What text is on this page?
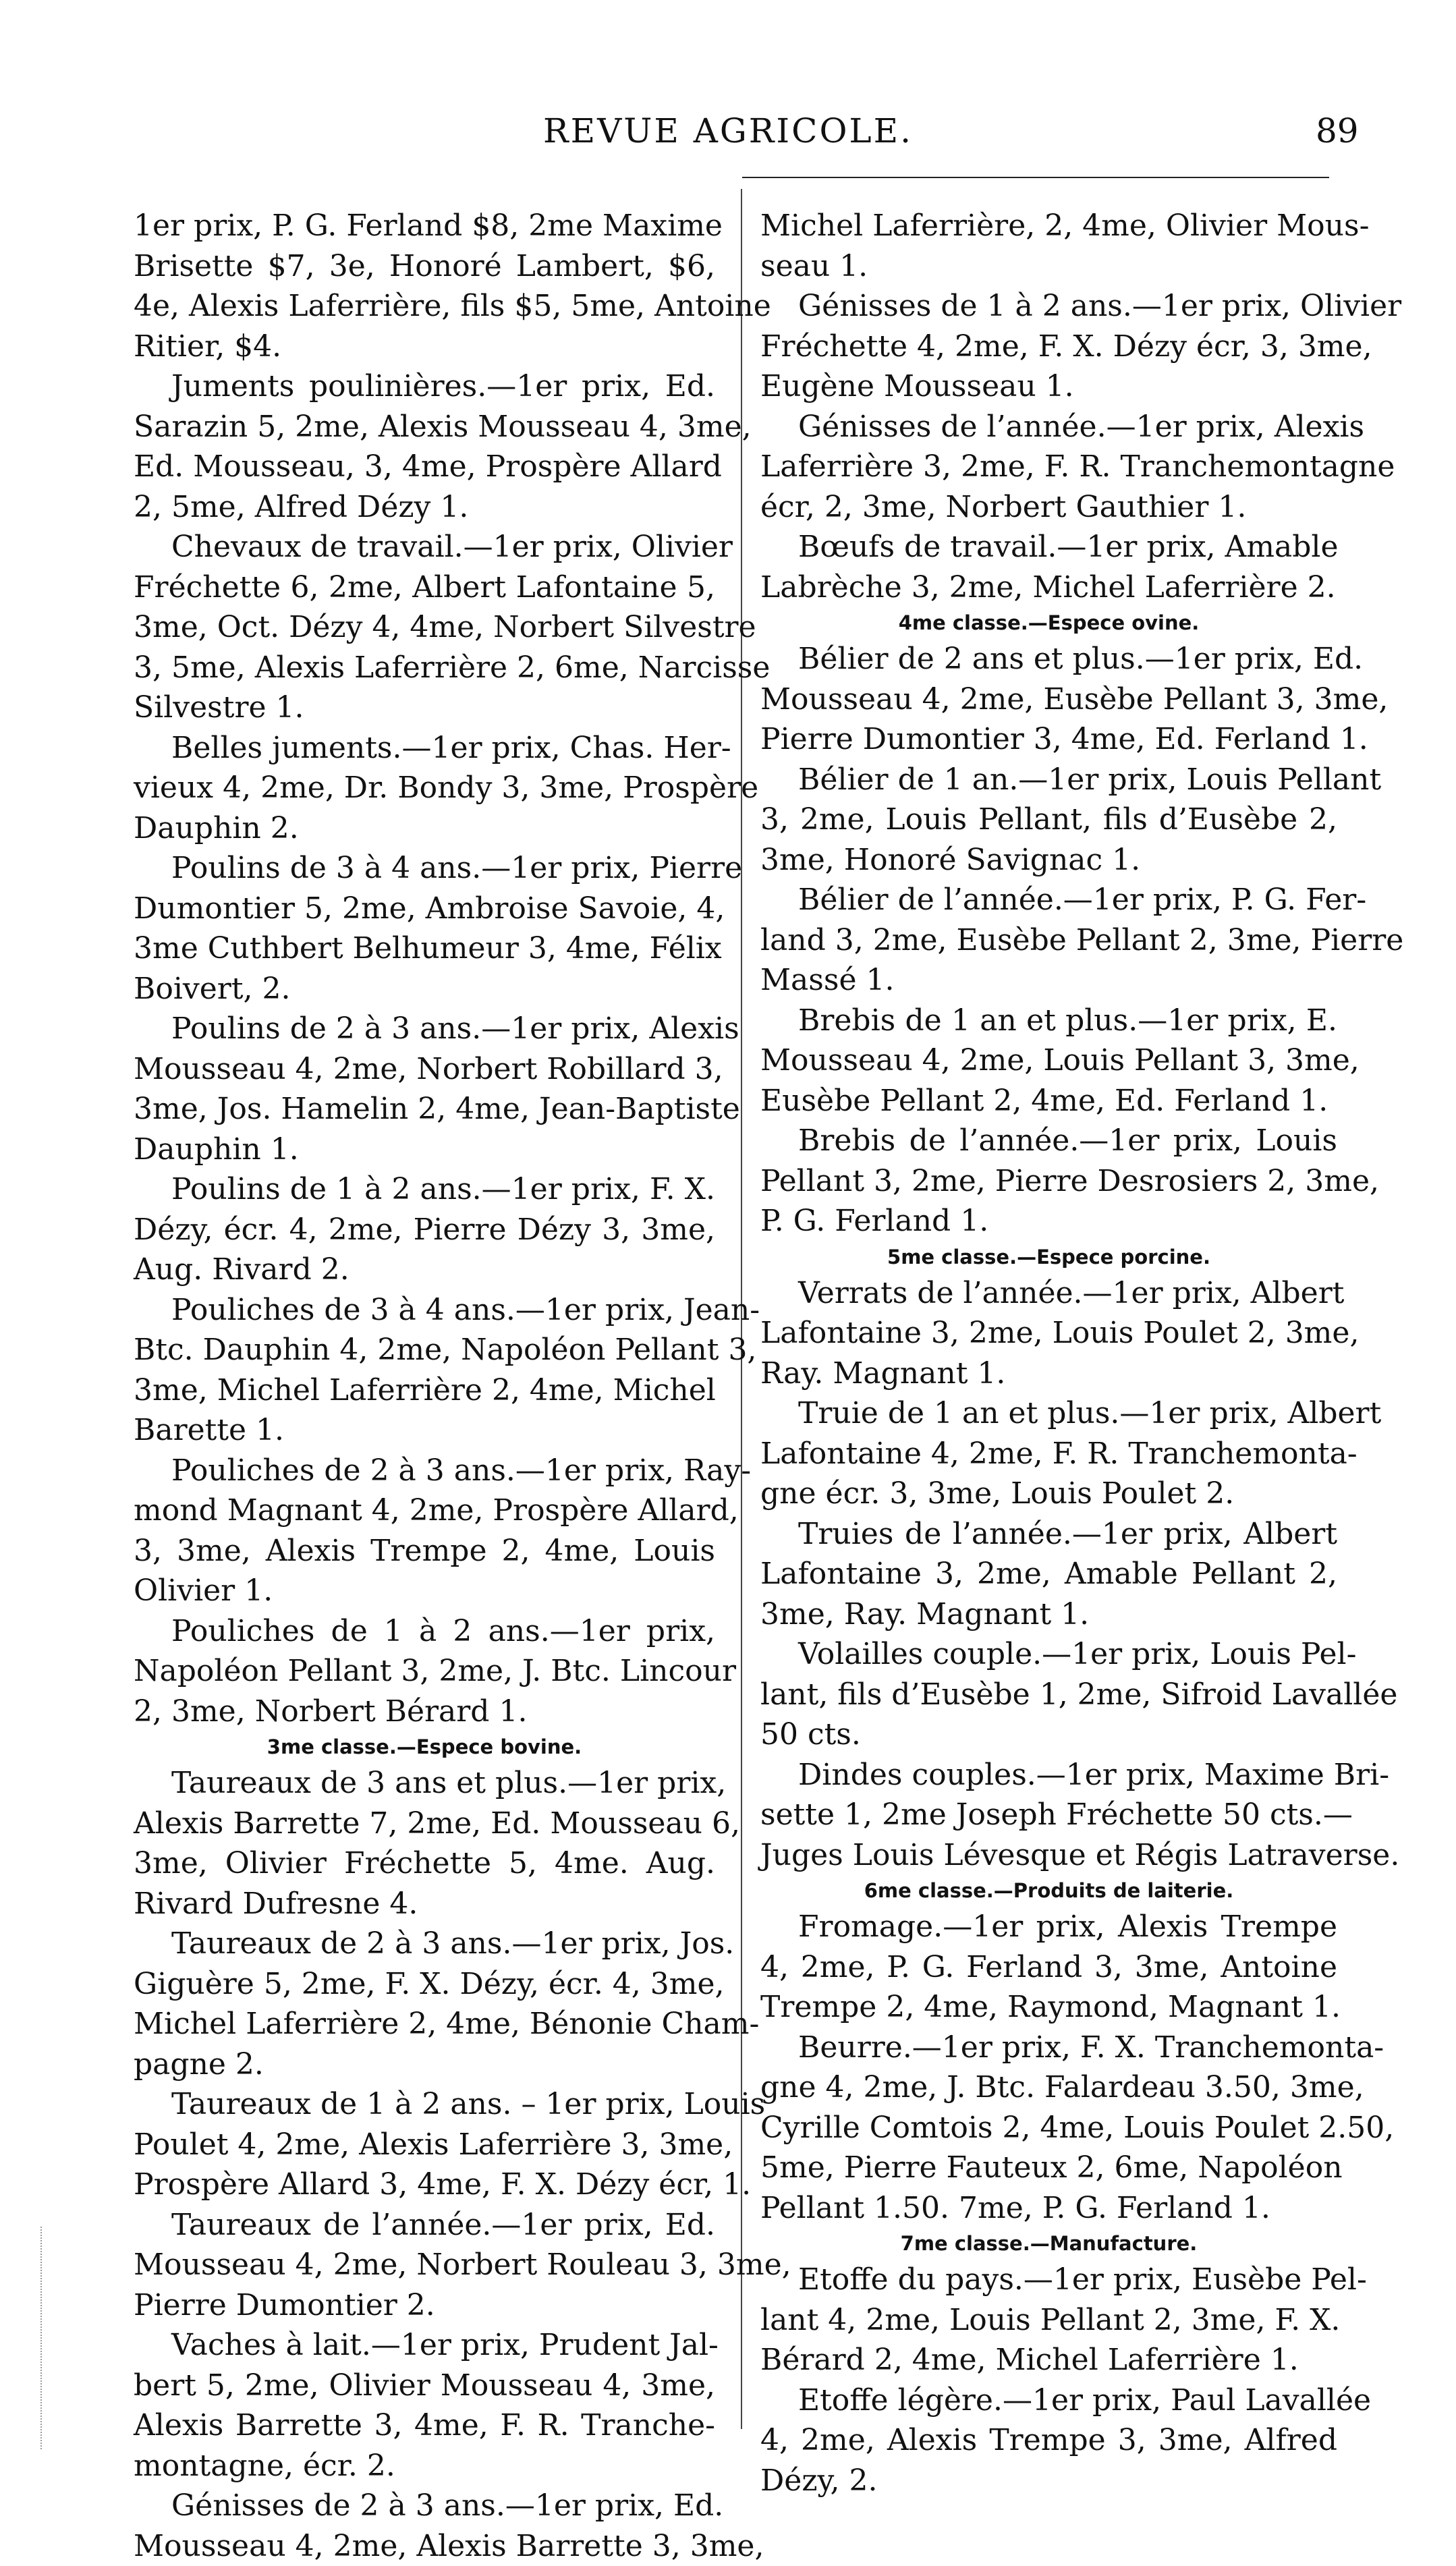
REVUE AGRICOLE.	89
1er prix, P. G. Ferland $8, 2me Maxime
Brisette $7, 3e, Honoré Lambert, $6,
4e, Alexis Laferrière, fils $5, 5me, Antoine
Ritier, $4.
Juments poulinières.—1er prix, Ed.
Sarazin 5, 2me, Alexis Mousseau 4, 3me,
Ed. Mousseau, 3, 4me, Prospère Allard
2, 5me, Alfred Dézy 1.
Chevaux de travail.—1er prix, Olivier
Fréchette 6, 2me, Albert Lafontaine 5,
3me, Oct. Dézy 4, 4me, Norbert Silvestre
3, 5me, Alexis Laferrière 2, 6me, Narcisse
Silvestre 1.
Belles juments.—1er prix, Chas. Her-
vieux 4, 2me, Dr. Bondy 3, 3me, Prospère
Dauphin 2.
Poulins de 3 à 4 ans.—1er prix, Pierre
Dumontier 5, 2me, Ambroise Savoie, 4,
3me Cuthbert Belhumeur 3, 4me, Félix
Boivert, 2.
Poulins de 2 à 3 ans.—1er prix, Alexis
Mousseau 4, 2me, Norbert Robillard 3,
3me, Jos. Hamelin 2, 4me, Jean-Baptiste
Dauphin 1.
Poulins de 1 à 2 ans.—1er prix, F. X.
Dézy, écr. 4, 2me, Pierre Dézy 3, 3me,
Aug. Rivard 2.
Pouliches de 3 à 4 ans.—1er prix, Jean-
Btc. Dauphin 4, 2me, Napoléon Pellant 3,
3me, Michel Laferrière 2, 4me, Michel
Barette 1.
Pouliches de 2 à 3 ans.—1er prix, Ray-
mond Magnant 4, 2me, Prospère Allard,
3, 3me, Alexis Trempe 2, 4me, Louis
Olivier 1.
Pouliches de 1 à 2 ans.—1er prix,
Napoléon Pellant 3, 2me, J. Btc. Lincour
2, 3me, Norbert Bérard 1.
3me classe.—Espece bovine.
Taureaux de 3 ans et plus.—1er prix,
Alexis Barrette 7, 2me, Ed. Mousseau 6,
3me, Olivier Fréchette 5, 4me. Aug.
Rivard Dufresne 4.
Taureaux de 2 à 3 ans.—1er prix, Jos.
Giguère 5, 2me, F. X. Dézy, écr. 4, 3me,
Michel Laferrière 2, 4me, Bénonie Cham-
pagne 2.
Taureaux de 1 à 2 ans. – 1er prix, Louis
Poulet 4, 2me, Alexis Laferrière 3, 3me,
Prospère Allard 3, 4me, F. X. Dézy écr, 1.
Taureaux de l’année.—1er prix, Ed.
Mousseau 4, 2me, Norbert Rouleau 3, 3me,
Pierre Dumontier 2.
Vaches à lait.—1er prix, Prudent Jal-
bert 5, 2me, Olivier Mousseau 4, 3me,
Alexis Barrette 3, 4me, F. R. Tranche-
montagne, écr. 2.
Génisses de 2 à 3 ans.—1er prix, Ed.
Mousseau 4, 2me, Alexis Barrette 3, 3me,
Michel Laferrière, 2, 4me, Olivier Mous-
seau 1.
Génisses de 1 à 2 ans.—1er prix, Olivier
Fréchette 4, 2me, F. X. Dézy écr, 3, 3me,
Eugène Mousseau 1.
Génisses de l’année.—1er prix, Alexis
Laferrière 3, 2me, F. R. Tranchemontagne
écr, 2, 3me, Norbert Gauthier 1.
Bœufs de travail.—1er prix, Amable
Labrèche 3, 2me, Michel Laferrière 2.
4me classe.—Espece ovine.
Bélier de 2 ans et plus.—1er prix, Ed.
Mousseau 4, 2me, Eusèbe Pellant 3, 3me,
Pierre Dumontier 3, 4me, Ed. Ferland 1.
Bélier de 1 an.—1er prix, Louis Pellant
3, 2me, Louis Pellant, fils d’Eusèbe 2,
3me, Honoré Savignac 1.
Bélier de l’année.—1er prix, P. G. Fer-
land 3, 2me, Eusèbe Pellant 2, 3me, Pierre
Massé 1.
Brebis de 1 an et plus.—1er prix, E.
Mousseau 4, 2me, Louis Pellant 3, 3me,
Eusèbe Pellant 2, 4me, Ed. Ferland 1.
Brebis de l’année.—1er prix, Louis
Pellant 3, 2me, Pierre Desrosiers 2, 3me,
P. G. Ferland 1.
5me classe.—Espece porcine.
Verrats de l’année.—1er prix, Albert
Lafontaine 3, 2me, Louis Poulet 2, 3me,
Ray. Magnant 1.
Truie de 1 an et plus.—1er prix, Albert
Lafontaine 4, 2me, F. R. Tranchemonta-
gne écr. 3, 3me, Louis Poulet 2.
Truies de l’année.—1er prix, Albert
Lafontaine 3, 2me, Amable Pellant 2,
3me, Ray. Magnant 1.
Volailles couple.—1er prix, Louis Pel-
lant, fils d’Eusèbe 1, 2me, Sifroid Lavallée
50 cts.
Dindes couples.—1er prix, Maxime Bri-
sette 1, 2me Joseph Fréchette 50 cts.—
Juges Louis Lévesque et Régis Latraverse.
6me classe.—Produits de laiterie.
Fromage.—1er prix, Alexis Trempe
4, 2me, P. G. Ferland 3, 3me, Antoine
Trempe 2, 4me, Raymond, Magnant 1.
Beurre.—1er prix, F. X. Tranchemonta-
gne 4, 2me, J. Btc. Falardeau 3.50, 3me,
Cyrille Comtois 2, 4me, Louis Poulet 2.50,
5me, Pierre Fauteux 2, 6me, Napoléon
Pellant 1.50. 7me, P. G. Ferland 1.
7me classe.—Manufacture.
Etoffe du pays.—1er prix, Eusèbe Pel-
lant 4, 2me, Louis Pellant 2, 3me, F. X.
Bérard 2, 4me, Michel Laferrière 1.
Etoffe légère.—1er prix, Paul Lavallée
4, 2me, Alexis Trempe 3, 3me, Alfred
Dézy, 2.
